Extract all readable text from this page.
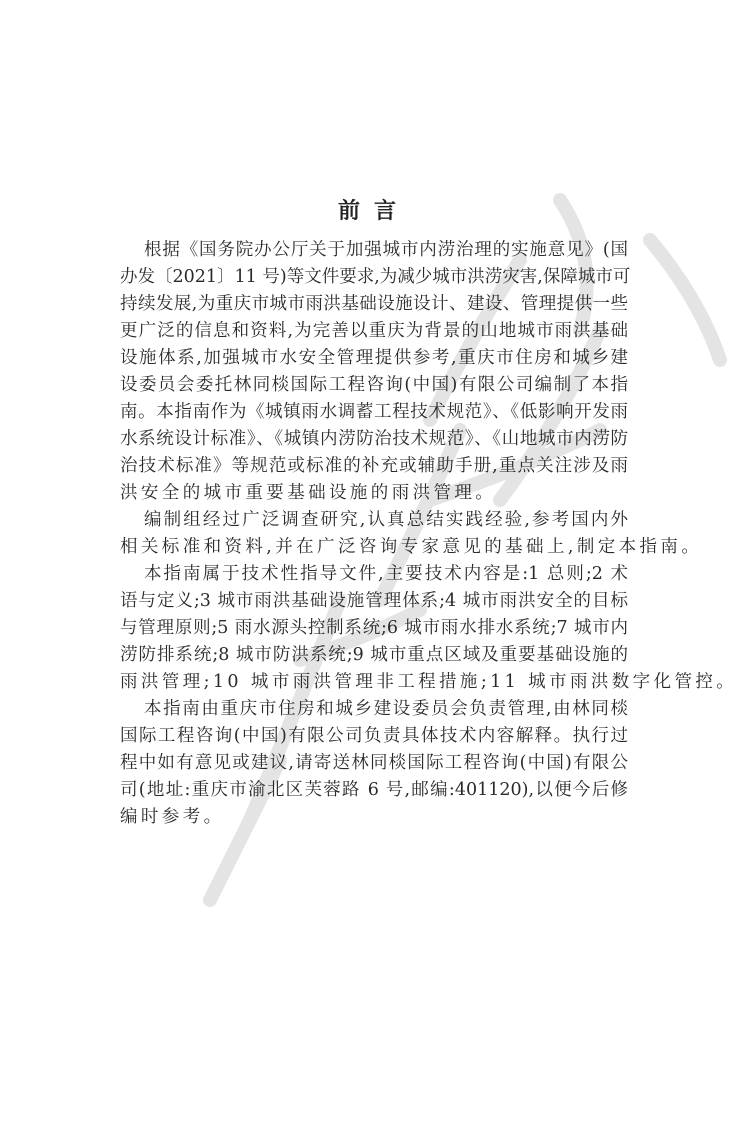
前言
根据《国务院办公厅关于加强城市内涝治理的实施意见》(国
办发〔2021〕11 号)等文件要求,为减少城市洪涝灾害,保障城市可
持续发展,为重庆市城市雨洪基础设施设计、建设、管理提供一些
更广泛的信息和资料,为完善以重庆为背景的山地城市雨洪基础
设施体系,加强城市水安全管理提供参考,重庆市住房和城乡建
设委员会委托林同棪国际工程咨询(中国)有限公司编制了本指
南。本指南作为《城镇雨水调蓄工程技术规范》、《低影响开发雨
水系统设计标准》、《城镇内涝防治技术规范》、《山地城市内涝防
治技术标准》等规范或标准的补充或辅助手册,重点关注涉及雨
洪安全的城市重要基础设施的雨洪管理。
编制组经过广泛调查研究,认真总结实践经验,参考国内外
相关标准和资料,并在广泛咨询专家意见的基础上,制定本指南。
本指南属于技术性指导文件,主要技术内容是:1 总则;2 术
语与定义;3 城市雨洪基础设施管理体系;4 城市雨洪安全的目标
与管理原则;5 雨水源头控制系统;6 城市雨水排水系统;7 城市内
涝防排系统;8 城市防洪系统;9 城市重点区域及重要基础设施的
雨洪管理;10 城市雨洪管理非工程措施;11 城市雨洪数字化管控。
本指南由重庆市住房和城乡建设委员会负责管理,由林同棪
国际工程咨询(中国)有限公司负责具体技术内容解释。执行过
程中如有意见或建议,请寄送林同棪国际工程咨询(中国)有限公
司(地址:重庆市渝北区芙蓉路 6 号,邮编:401120),以便今后修
编时参考。
